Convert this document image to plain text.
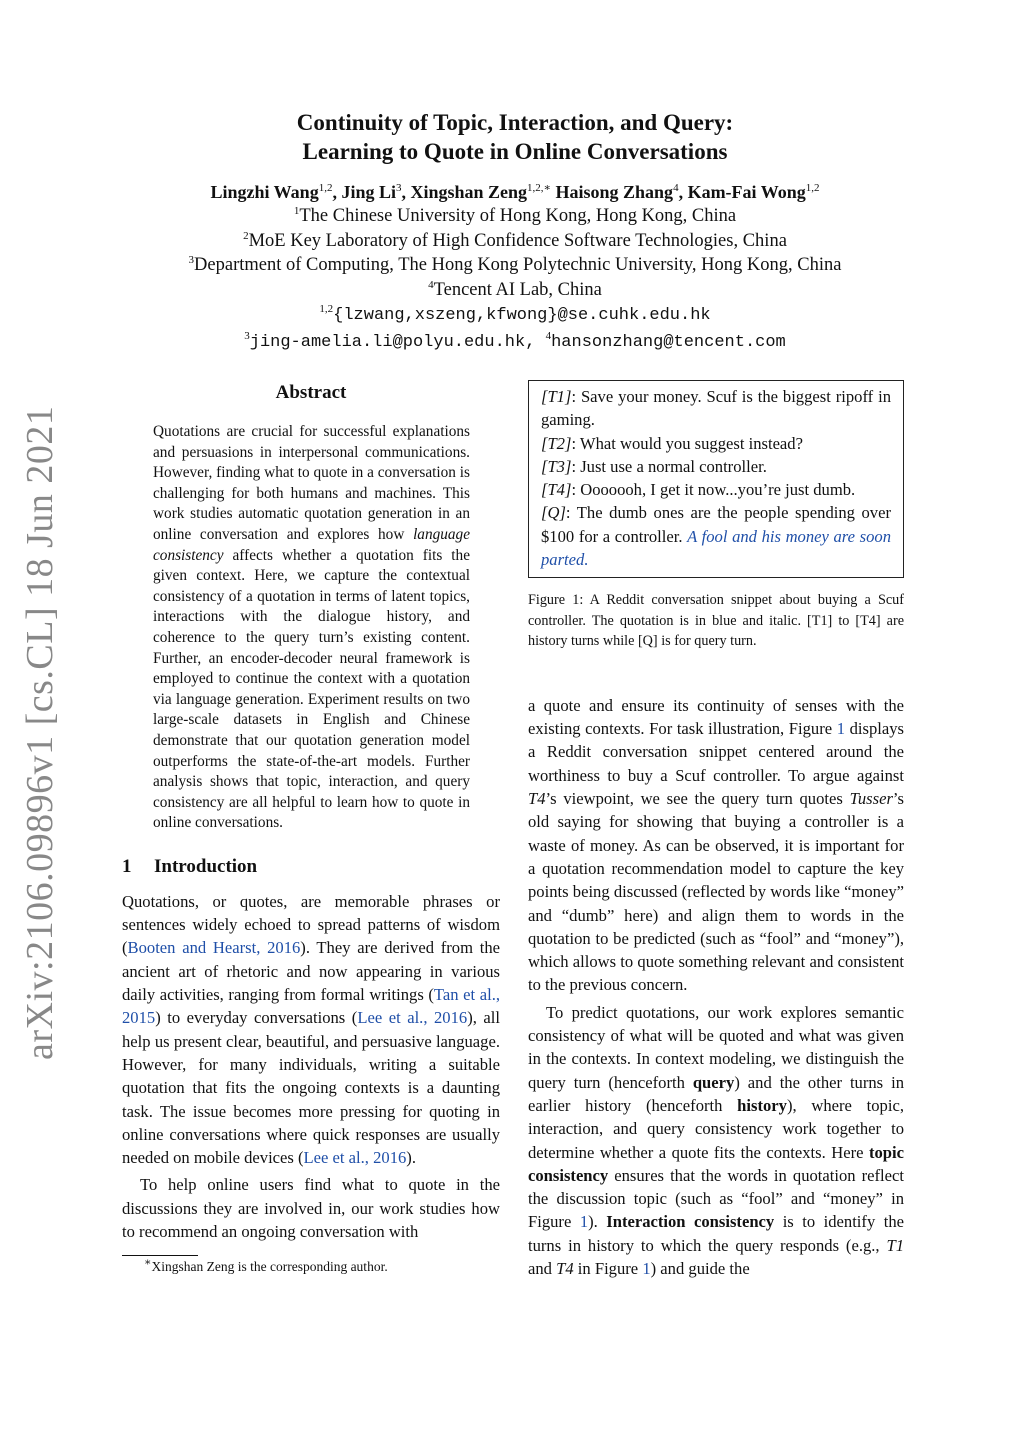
arXiv:2106.09896v1 [cs.CL] 18 Jun 2021
Continuity of Topic, Interaction, and Query:
Learning to Quote in Online Conversations
Lingzhi Wang$^{1,2}$, Jing Li$^3$, Xingshan Zeng$^{1,2,∗}$ Haisong Zhang$^4$, Kam-Fai Wong$^{1,2}$
$^1$The Chinese University of Hong Kong, Hong Kong, China
$^2$MoE Key Laboratory of High Confidence Software Technologies, China
$^3$Department of Computing, The Hong Kong Polytechnic University, Hong Kong, China
$^4$Tencent AI Lab, China
$^{1,2}${lzwang,xszeng,kfwong}@se.cuhk.edu.hk
$^3$jing-amelia.li@polyu.edu.hk, $^4$hansonzhang@tencent.com
Abstract
Quotations are crucial for successful explanations and persuasions in interpersonal communications. However, finding what to quote in a conversation is challenging for both humans and machines. This work studies automatic quotation generation in an online conversation and explores how language consistency affects whether a quotation fits the given context. Here, we capture the contextual consistency of a quotation in terms of latent topics, interactions with the dialogue history, and coherence to the query turn’s existing content. Further, an encoder-decoder neural framework is employed to continue the context with a quotation via language generation. Experiment results on two large-scale datasets in English and Chinese demonstrate that our quotation generation model outperforms the state-of-the-art models. Further analysis shows that topic, interaction, and query consistency are all helpful to learn how to quote in online conversations.
1 Introduction

Quotations, or quotes, are memorable phrases or sentences widely echoed to spread patterns of wisdom (Booten and Hearst, 2016). They are derived from the ancient art of rhetoric and now appearing in various daily activities, ranging from formal writings (Tan et al., 2015) to everyday conversations (Lee et al., 2016), all help us present clear, beautiful, and persuasive language. However, for many individuals, writing a suitable quotation that fits the ongoing contexts is a daunting task. The issue becomes more pressing for quoting in online conversations where quick responses are usually needed on mobile devices (Lee et al., 2016).

To help online users find what to quote in the discussions they are involved in, our work studies how to recommend an ongoing conversation with

∗Xingshan Zeng is the corresponding author.
[T1]: Save your money. Scuf is the biggest ripoff in gaming.
[T2]: What would you suggest instead?
[T3]: Just use a normal controller.
[T4]: Ooooooh, I get it now...you’re just dumb.
[Q]: The dumb ones are the people spending over $100 for a controller. A fool and his money are soon parted.
Figure 1: A Reddit conversation snippet about buying a Scuf controller. The quotation is in blue and italic. [T1] to [T4] are history turns while [Q] is for query turn.

a quote and ensure its continuity of senses with the existing contexts. For task illustration, Figure 1 displays a Reddit conversation snippet centered around the worthiness to buy a Scuf controller. To argue against T4’s viewpoint, we see the query turn quotes Tusser’s old saying for showing that buying a controller is a waste of money. As can be observed, it is important for a quotation recommendation model to capture the key points being discussed (reflected by words like “money” and “dumb” here) and align them to words in the quotation to be predicted (such as “fool” and “money”), which allows to quote something relevant and consistent to the previous concern.

To predict quotations, our work explores semantic consistency of what will be quoted and what was given in the contexts. In context modeling, we distinguish the query turn (henceforth query) and the other turns in earlier history (henceforth history), where topic, interaction, and query consistency work together to determine whether a quote fits the contexts. Here topic consistency ensures that the words in quotation reflect the discussion topic (such as “fool” and “money” in Figure 1). Interaction consistency is to identify the turns in history to which the query responds (e.g., T1 and T4 in Figure 1) and guide the
